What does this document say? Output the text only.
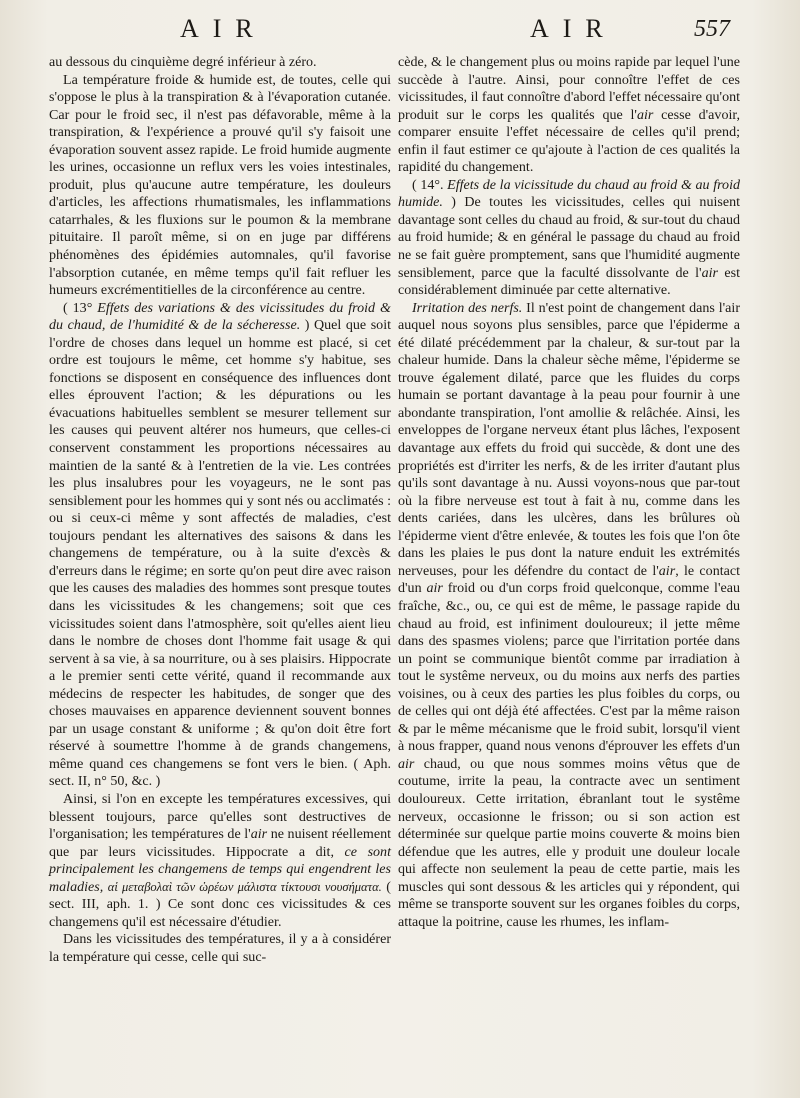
AIR	AIR	557

au dessous du cinquième degré inférieur à zéro.

La température froide & humide est, de toutes, celle qui s'oppose le plus à la transpiration & à l'évaporation cutanée. Car pour le froid sec, il n'est pas défavorable, même à la transpiration, & l'expérience a prouvé qu'il s'y faisoit une évaporation souvent assez rapide. Le froid humide augmente les urines, occasionne un reflux vers les voies intestinales, produit, plus qu'aucune autre température, les douleurs d'articles, les affections rhumatismales, les inflammations catarrhales, & les fluxions sur le poumon & la membrane pituitaire. Il paroît même, si on en juge par différens phénomènes des épidémies automnales, qu'il favorise l'absorption cutanée, en même temps qu'il fait refluer les humeurs excrémentitielles de la circonférence au centre.

( 13° Effets des variations & des vicissitudes du froid & du chaud, de l'humidité & de la sécheresse. ) Quel que soit l'ordre de choses dans lequel un homme est placé, si cet ordre est toujours le même, cet homme s'y habitue, ses fonctions se disposent en conséquence des influences dont elles éprouvent l'action; & les dépurations ou les évacuations habituelles semblent se mesurer tellement sur les causes qui peuvent altérer nos humeurs, que celles-ci conservent constamment les proportions nécessaires au maintien de la santé & à l'entretien de la vie. Les contrées les plus insalubres pour les voyageurs, ne le sont pas sensiblement pour les hommes qui y sont nés ou acclimatés : ou si ceux-ci même y sont affectés de maladies, c'est toujours pendant les alternatives des saisons & dans les changemens de température, ou à la suite d'excès & d'erreurs dans le régime; en sorte qu'on peut dire avec raison que les causes des maladies des hommes sont presque toutes dans les vicissitudes & les changemens; soit que ces vicissitudes soient dans l'atmosphère, soit qu'elles aient lieu dans le nombre de choses dont l'homme fait usage & qui servent à sa vie, à sa nourriture, ou à ses plaisirs. Hippocrate a le premier senti cette vérité, quand il recommande aux médecins de respecter les habitudes, de songer que des choses mauvaises en apparence deviennent souvent bonnes par un usage constant & uniforme ; & qu'on doit être fort réservé à soumettre l'homme à de grands changemens, même quand ces changemens se font vers le bien. ( Aph. sect. II, n° 50, &c. )

Ainsi, si l'on en excepte les températures excessives, qui blessent toujours, parce qu'elles sont destructives de l'organisation; les températures de l'air ne nuisent réellement que par leurs vicissitudes. Hippocrate a dit, ce sont principalement les changemens de temps qui engendrent les maladies, αἱ μεταβολαὶ τῶν ὡρέων μάλιστα τίκτουσι νουσήματα. ( sect. III, aph. 1. ) Ce sont donc ces vicissitudes & ces changemens qu'il est nécessaire d'étudier.

Dans les vicissitudes des températures, il y a à considérer la température qui cesse, celle qui suc-

cède, & le changement plus ou moins rapide par lequel l'une succède à l'autre. Ainsi, pour connoître l'effet de ces vicissitudes, il faut connoître d'abord l'effet nécessaire qu'ont produit sur le corps les qualités que l'air cesse d'avoir, comparer ensuite l'effet nécessaire de celles qu'il prend; enfin il faut estimer ce qu'ajoute à l'action de ces qualités la rapidité du changement.

( 14°. Effets de la vicissitude du chaud au froid & au froid humide. ) De toutes les vicissitudes, celles qui nuisent davantage sont celles du chaud au froid, & sur-tout du chaud au froid humide; & en général le passage du chaud au froid ne se fait guère promptement, sans que l'humidité augmente sensiblement, parce que la faculté dissolvante de l'air est considérablement diminuée par cette alternative.

Irritation des nerfs. Il n'est point de changement dans l'air auquel nous soyons plus sensibles, parce que l'épiderme a été dilaté précédemment par la chaleur, & sur-tout par la chaleur humide. Dans la chaleur sèche même, l'épiderme se trouve également dilaté, parce que les fluides du corps humain se portant davantage à la peau pour fournir à une abondante transpiration, l'ont amollie & relâchée. Ainsi, les enveloppes de l'organe nerveux étant plus lâches, l'exposent davantage aux effets du froid qui succède, & dont une des propriétés est d'irriter les nerfs, & de les irriter d'autant plus qu'ils sont davantage à nu. Aussi voyons-nous que par-tout où la fibre nerveuse est tout à fait à nu, comme dans les dents cariées, dans les ulcères, dans les brûlures où l'épiderme vient d'être enlevée, & toutes les fois que l'on ôte dans les plaies le pus dont la nature enduit les extrémités nerveuses, pour les défendre du contact de l'air, le contact d'un air froid ou d'un corps froid quelconque, comme l'eau fraîche, &c., ou, ce qui est de même, le passage rapide du chaud au froid, est infiniment douloureux; il jette même dans des spasmes violens; parce que l'irritation portée dans un point se communique bientôt comme par irradiation à tout le systême nerveux, ou du moins aux nerfs des parties voisines, ou à ceux des parties les plus foibles du corps, ou de celles qui ont déjà été affectées. C'est par la même raison & par le même mécanisme que le froid subit, lorsqu'il vient à nous frapper, quand nous venons d'éprouver les effets d'un air chaud, ou que nous sommes moins vêtus que de coutume, irrite la peau, la contracte avec un sentiment douloureux. Cette irritation, ébranlant tout le systême nerveux, occasionne le frisson; ou si son action est déterminée sur quelque partie moins couverte & moins bien défendue que les autres, elle y produit une douleur locale qui affecte non seulement la peau de cette partie, mais les muscles qui sont dessous & les articles qui y répondent, qui même se transporte souvent sur les organes foibles du corps, attaque la poitrine, cause les rhumes, les inflam-
